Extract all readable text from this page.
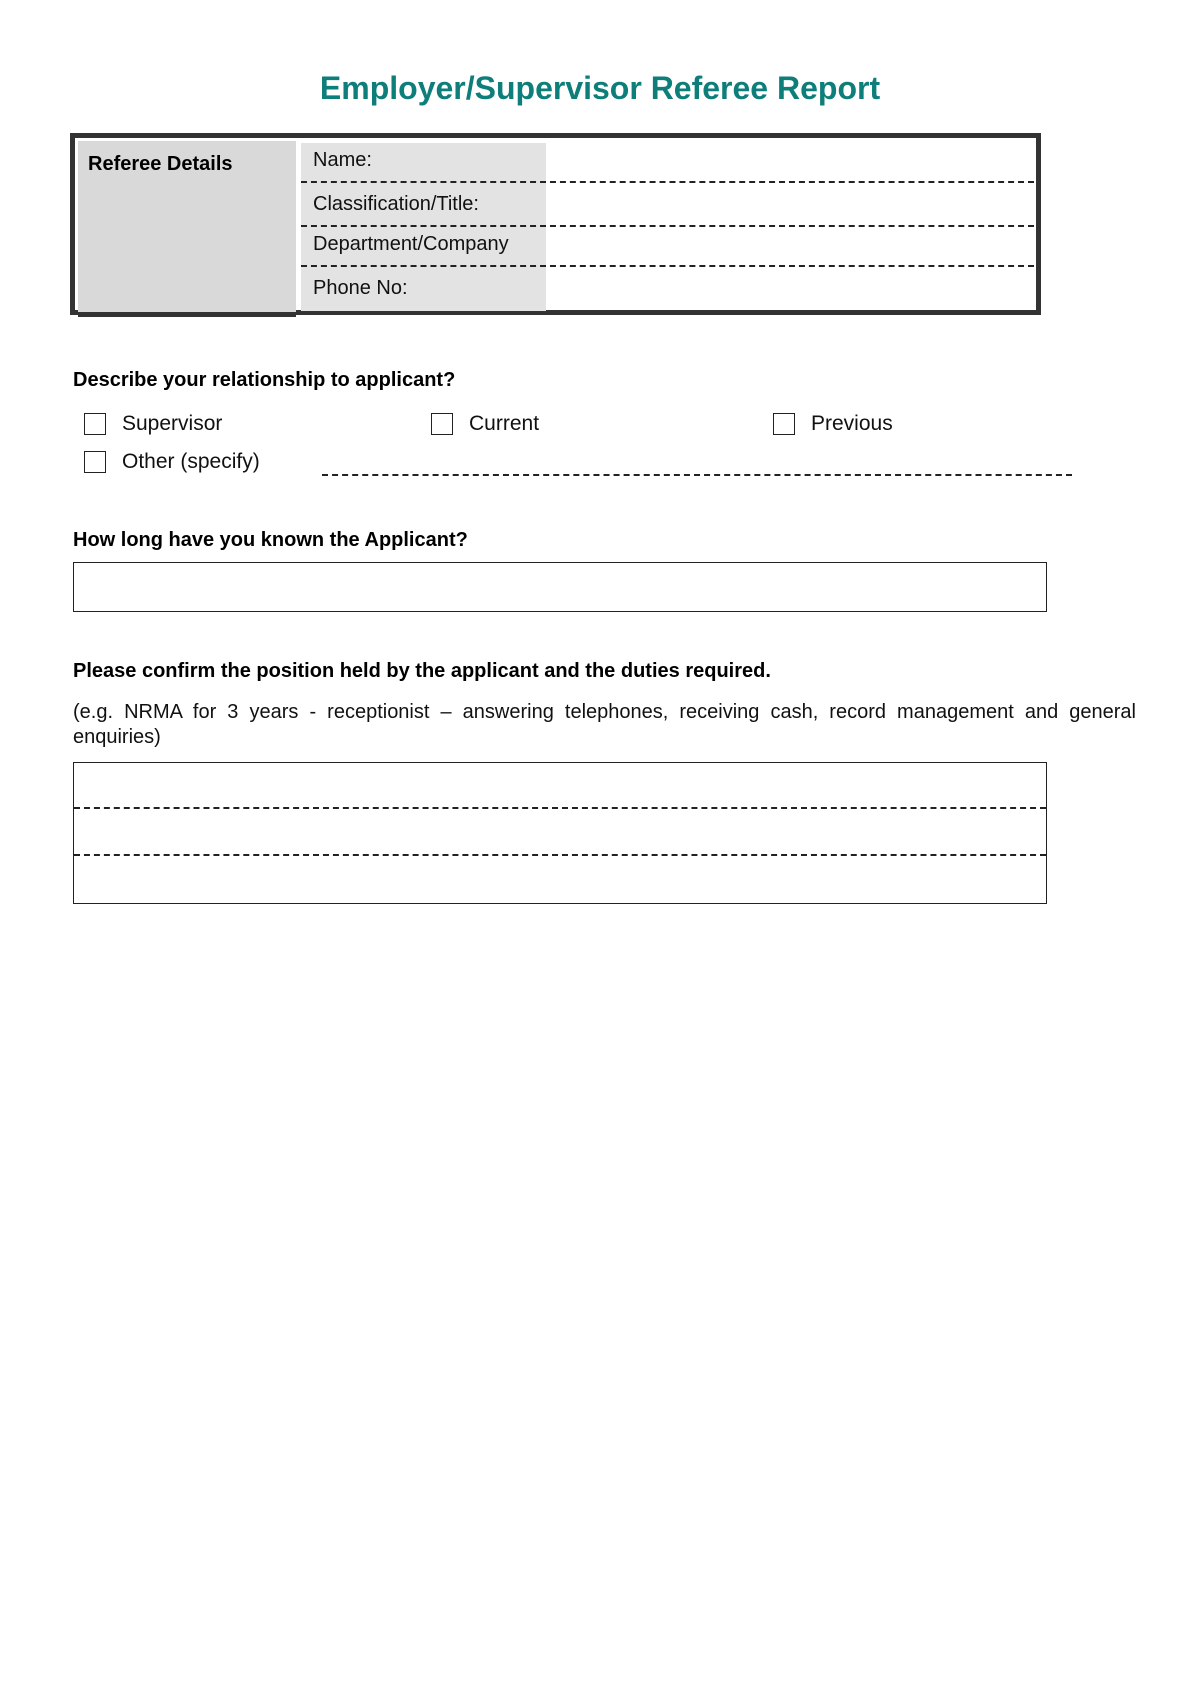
Employer/Supervisor Referee Report
Referee Details	Name:
Classification/Title:
Department/Company
Phone No:
Describe your relationship to applicant?
Supervisor	Current	Previous
Other (specify)
How long have you known the Applicant?
Please confirm the position held by the applicant and the duties required.
(e.g. NRMA for 3 years - receptionist – answering telephones, receiving cash, record management and general enquiries)
